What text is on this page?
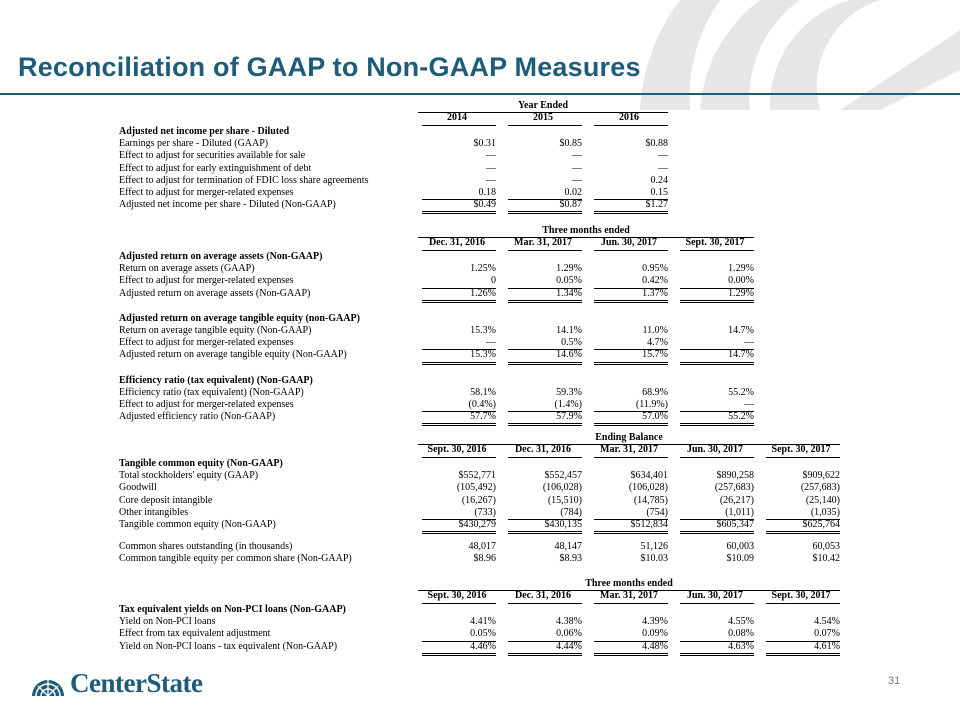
Reconciliation of GAAP to Non-GAAP Measures
Year Ended
2014	2015	2016
Adjusted net income per share - Diluted
Earnings per share - Diluted (GAAP)	$0.31	$0.85	$0.88
Effect to adjust for securities available for sale	—	—	—
Effect to adjust for early extinguishment of debt	—	—	—
Effect to adjust for termination of FDIC loss share agreements	—	—	0.24
Effect to adjust for merger-related expenses	0.18	0.02	0.15
Adjusted net income per share - Diluted (Non-GAAP)	$0.49	$0.87	$1.27
Three months ended
Dec. 31, 2016	Mar. 31, 2017	Jun. 30, 2017	Sept. 30, 2017
Adjusted return on average assets (Non-GAAP)
Return on average assets (GAAP)	1.25%	1.29%	0.95%	1.29%
Effect to adjust for merger-related expenses	0	0.05%	0.42%	0.00%
Adjusted return on average assets (Non-GAAP)	1.26%	1.34%	1.37%	1.29%
Adjusted return on average tangible equity (non-GAAP)
Return on average tangible equity (Non-GAAP)	15.3%	14.1%	11.0%	14.7%
Effect to adjust for merger-related expenses	—	0.5%	4.7%	—
Adjusted return on average tangible equity (Non-GAAP)	15.3%	14.6%	15.7%	14.7%
Efficiency ratio (tax equivalent) (Non-GAAP)
Efficiency ratio (tax equivalent) (Non-GAAP)	58.1%	59.3%	68.9%	55.2%
Effect to adjust for merger-related expenses	(0.4%)	(1.4%)	(11.9%)	—
Adjusted efficiency ratio (Non-GAAP)	57.7%	57.9%	57.0%	55.2%
Ending Balance
Sept. 30, 2016	Dec. 31, 2016	Mar. 31, 2017	Jun. 30, 2017	Sept. 30, 2017
Tangible common equity (Non-GAAP)
Total stockholders' equity (GAAP)	$552,771	$552,457	$634,401	$890,258	$909,622
Goodwill	(105,492)	(106,028)	(106,028)	(257,683)	(257,683)
Core deposit intangible	(16,267)	(15,510)	(14,785)	(26,217)	(25,140)
Other intangibles	(733)	(784)	(754)	(1,011)	(1,035)
Tangible common equity (Non-GAAP)	$430,279	$430,135	$512,834	$605,347	$625,764
Common shares outstanding (in thousands)	48,017	48,147	51,126	60,003	60,053
Common tangible equity per common share (Non-GAAP)	$8.96	$8.93	$10.03	$10.09	$10.42
Three months ended
Sept. 30, 2016	Dec. 31, 2016	Mar. 31, 2017	Jun. 30, 2017	Sept. 30, 2017
Tax equivalent yields on Non-PCI loans (Non-GAAP)
Yield on Non-PCI loans	4.41%	4.38%	4.39%	4.55%	4.54%
Effect from tax equivalent adjustment	0.05%	0.06%	0.09%	0.08%	0.07%
Yield on Non-PCI loans - tax equivalent (Non-GAAP)	4.46%	4.44%	4.48%	4.63%	4.61%
CenterState	31
